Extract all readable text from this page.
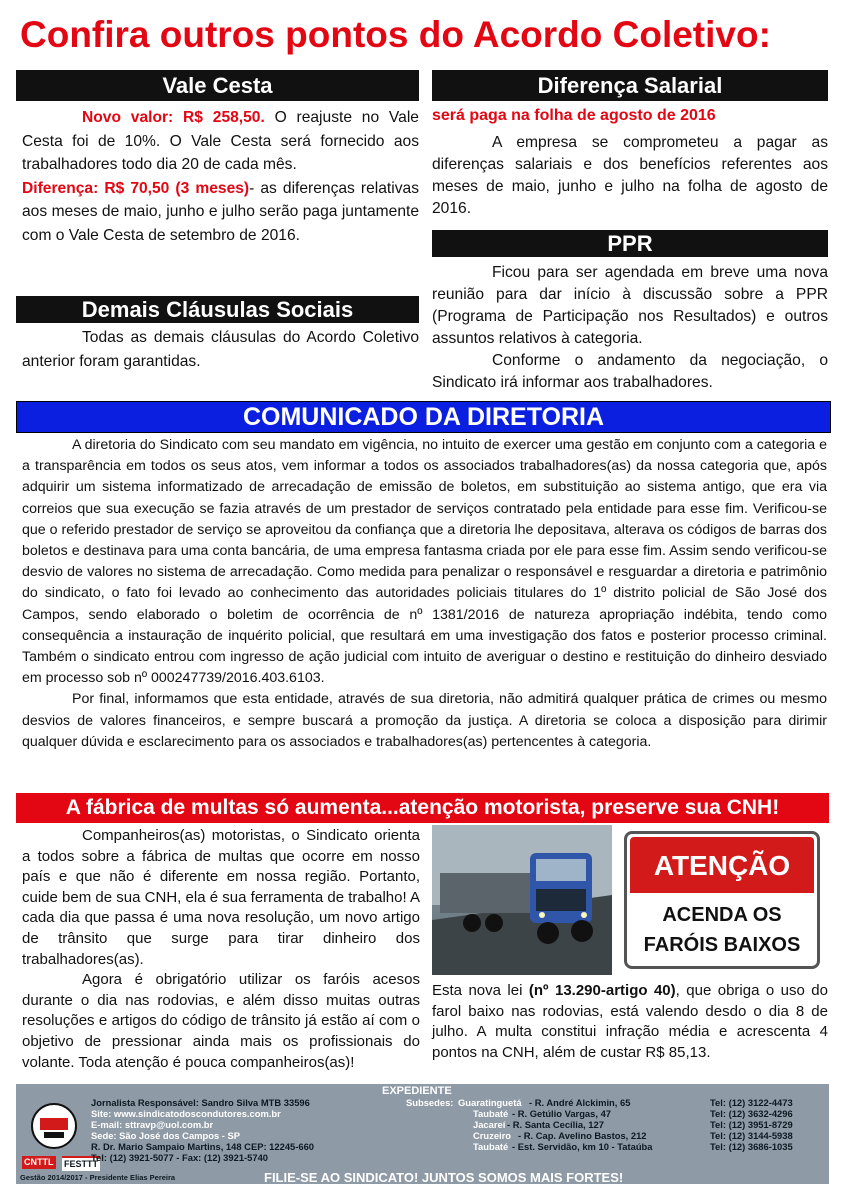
Confira outros pontos do Acordo Coletivo:
Vale Cesta
Novo valor: R$ 258,50. O reajuste no Vale Cesta foi de 10%. O Vale Cesta será fornecido aos trabalhadores todo dia 20 de cada mês.
Diferença: R$ 70,50 (3 meses)- as diferenças relativas aos meses de maio, junho e julho serão paga juntamente com o Vale Cesta de setembro de 2016.
Demais Cláusulas Sociais
Todas as demais cláusulas do Acordo Coletivo anterior foram garantidas.
Diferença Salarial
será paga na folha de agosto de 2016
A empresa se comprometeu a pagar as diferenças salariais e dos benefícios referentes aos meses de maio, junho e julho na folha de agosto de 2016.
PPR
Ficou para ser agendada em breve uma nova reunião para dar início à discussão sobre a PPR (Programa de Participação nos Resultados) e outros assuntos relativos à categoria.
Conforme o andamento da negociação, o Sindicato irá informar aos trabalhadores.
COMUNICADO DA DIRETORIA

A diretoria do Sindicato com seu mandato em vigência, no intuito de exercer uma gestão em conjunto com a categoria e a transparência em todos os seus atos, vem informar a todos os associados trabalhadores(as) da nossa categoria que, após adquirir um sistema informatizado de arrecadação de emissão de boletos, em substituição ao sistema antigo, que era via correios que sua execução se fazia através de um prestador de serviços contratado pela entidade para esse fim. Verificou-se que o referido prestador de serviço se aproveitou da confiança que a diretoria lhe depositava, alterava os códigos de barras dos boletos e destinava para uma conta bancária, de uma empresa fantasma criada por ele para esse fim. Assim sendo verificou-se desvio de valores no sistema de arrecadação. Como medida para penalizar o responsável e resguardar a diretoria e patrimônio do sindicato, o fato foi levado ao conhecimento das autoridades policiais titulares do 1º distrito policial de São José dos Campos, sendo elaborado o boletim de ocorrência de nº 1381/2016 de natureza apropriação indébita, tendo como consequência a instauração de inquérito policial, que resultará em uma investigação dos fatos e posterior processo criminal. Também o sindicato entrou com ingresso de ação judicial com intuito de averiguar o destino e restituição do dinheiro desviado em processo sob nº 000247739/2016.403.6103.

Por final, informamos que esta entidade, através de sua diretoria, não admitirá qualquer prática de crimes ou mesmo desvios de valores financeiros, e sempre buscará a promoção da justiça. A diretoria se coloca a disposição para dirimir qualquer dúvida e esclarecimento para os associados e trabalhadores(as) pertencentes à categoria.

A fábrica de multas só aumenta...atenção motorista, preserve sua CNH!
Companheiros(as) motoristas, o Sindicato orienta a todos sobre a fábrica de multas que ocorre em nosso país e que não é diferente em nossa região. Portanto, cuide bem de sua CNH, ela é sua ferramenta de trabalho! A cada dia que passa é uma nova resolução, um novo artigo de trânsito que surge para tirar dinheiro dos trabalhadores(as).
Agora é obrigatório utilizar os faróis acesos durante o dia nas rodovias, e além disso muitas outras resoluções e artigos do código de trânsito já estão aí com o objetivo de pressionar ainda mais os profissionais do volante. Toda atenção é pouca companheiros(as)!
ATENÇÃO
ACENDA OS
FARÓIS BAIXOS
Esta nova lei (nº 13.290-artigo 40), que obriga o uso do farol baixo nas rodovias, está valendo desdo o dia 8 de julho. A multa constitui infração média e acrescenta 4 pontos na CNH, além de custar R$ 85,13.
EXPEDIENTE
CNTTL FESTTT
Jornalista Responsável: Sandro Silva MTB 33596
Site: www.sindicatodoscondutores.com.br
E-mail: sttravp@uol.com.br
Sede: São José dos Campos - SP
R. Dr. Mario Sampaio Martins, 148 CEP: 12245-660
Tel: (12) 3921-5077 - Fax: (12) 3921-5740
Gestão 2014/2017 - Presidente Elias Pereira
Subsedes: Guaratinguetá - R. André Alckimin, 65	Tel: (12) 3122-4473
Taubaté - R. Getúlio Vargas, 47	Tel: (12) 3632-4296
Jacareí - R. Santa Cecília, 127	Tel: (12) 3951-8729
Cruzeiro - R. Cap. Avelino Bastos, 212	Tel: (12) 3144-5938
Taubaté - Est. Servidão, km 10 - Tataúba	Tel: (12) 3686-1035
FILIE-SE AO SINDICATO! JUNTOS SOMOS MAIS FORTES!
